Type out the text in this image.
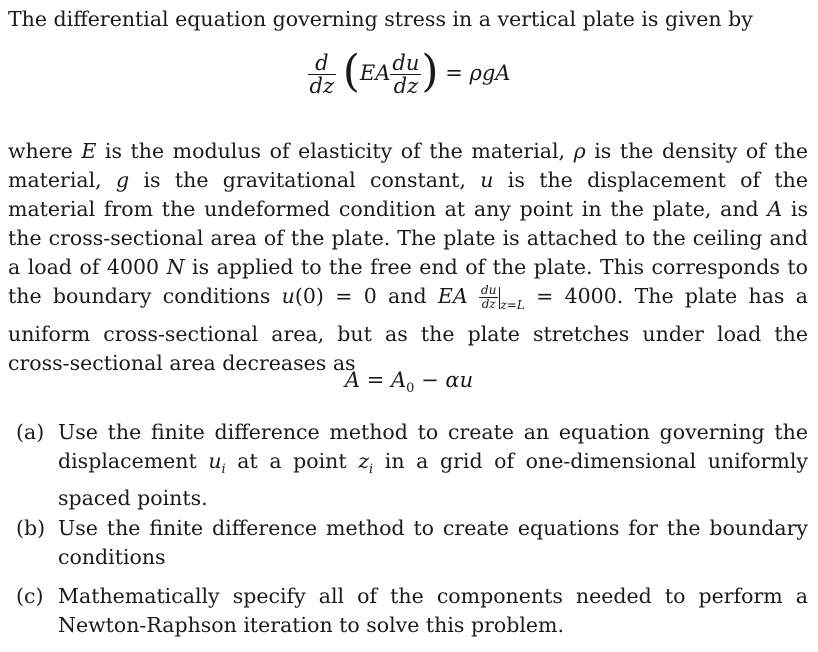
The differential equation governing stress in a vertical plate is given by

$\frac{d}{dz} (EA \frac{du}{dz}$ ) = ρgA

where E is the modulus of elasticity of the material, ρ is the density of the material, g is the gravitational constant, u is the displacement of the material from the undeformed condition at any point in the plate, and A is the cross-sectional area of the plate. The plate is attached to the ceiling and a load of 4000 N is applied to the free end of the plate. This corresponds to the boundary conditions u(0) = 0 and EA $\frac{du}{dz} _{z=L} = 4000$. The plate has a uniform cross-sectional area, but as the plate stretches under load the cross-sectional area decreases as

$A = A_0 - \alpha u$
(a) Use the finite difference method to create an equation governing the displacement $u_i$ at a point $z_i$ in a grid of one-dimensional uniformly spaced points.
(b) Use the finite difference method to create equations for the boundary conditions
(c) Mathematically specify all of the components needed to perform a Newton-Raphson iteration to solve this problem.
